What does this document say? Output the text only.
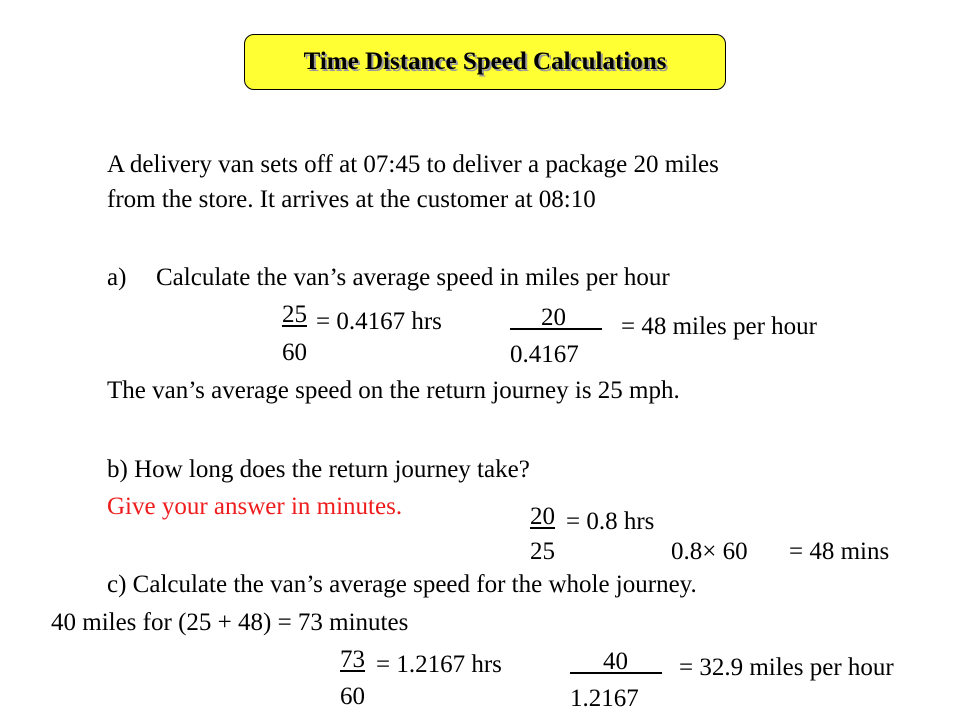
Time Distance Speed Calculations
A delivery van sets off at 07:45 to deliver a package 20 miles
from the store. It arrives at the customer at 08:10
a) Calculate the van’s average speed in miles per hour
25
60
= 0.4167 hrs	20
0.4167
= 48 miles per hour
The van’s average speed on the return journey is 25 mph.
b) How long does the return journey take?
Give your answer in minutes.	20
25
= 0.8 hrs
0.8× 60 = 48 mins
c) Calculate the van’s average speed for the whole journey.
40 miles for (25 + 48) = 73 minutes
73
60
= 1.2167 hrs	40
1.2167
= 32.9 miles per hour
